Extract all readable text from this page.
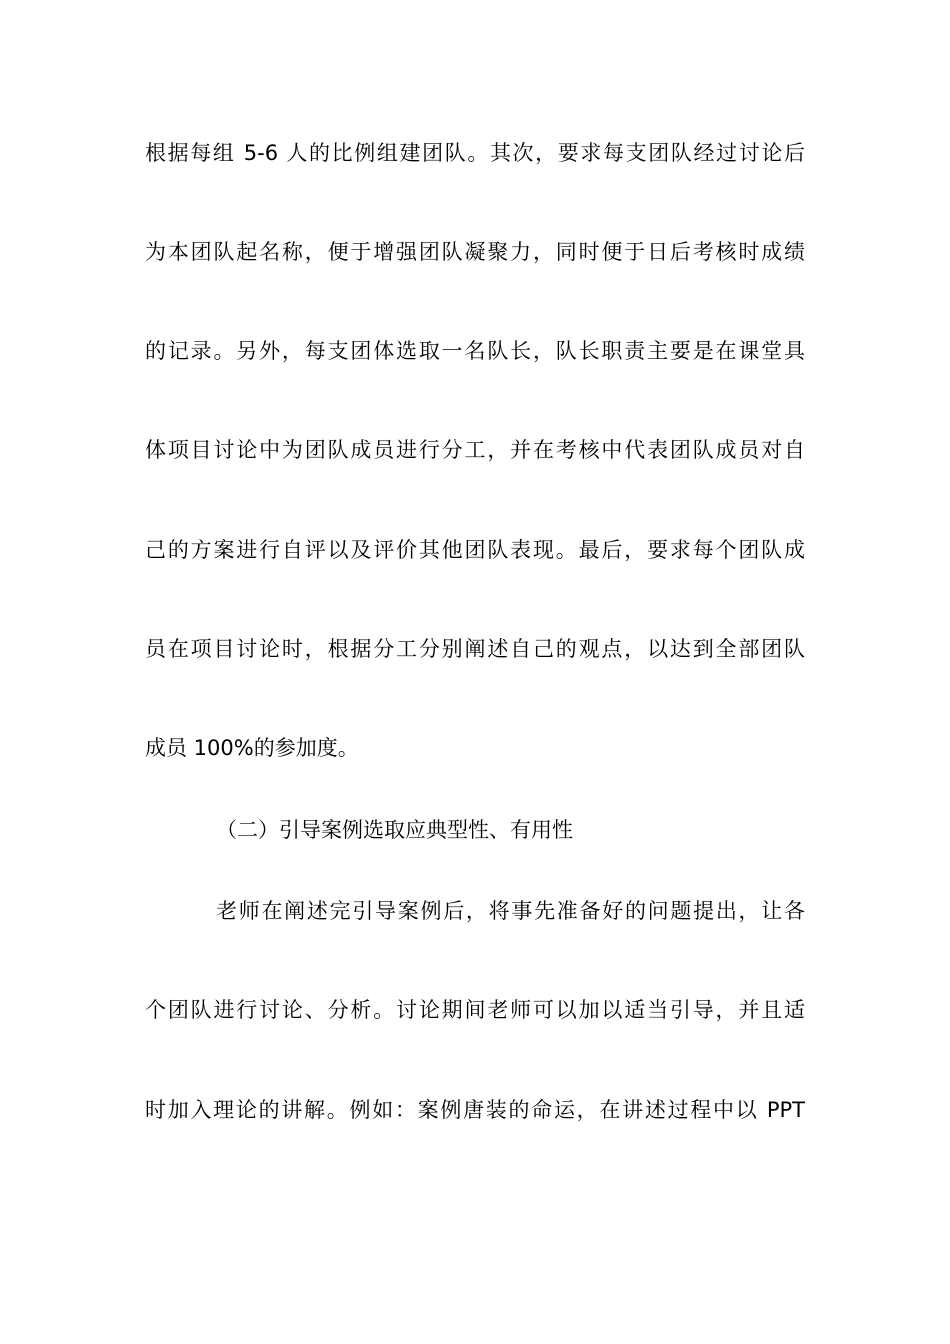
根据每组 5-6 人的比例组建团队。其次，要求每支团队经过讨论后
为本团队起名称，便于增强团队凝聚力，同时便于日后考核时成绩
的记录。另外，每支团体选取一名队长，队长职责主要是在课堂具
体项目讨论中为团队成员进行分工，并在考核中代表团队成员对自
己的方案进行自评以及评价其他团队表现。最后，要求每个团队成
员在项目讨论时，根据分工分别阐述自己的观点，以达到全部团队
成员 100%的参加度。
（二）引导案例选取应典型性、有用性
老师在阐述完引导案例后，将事先准备好的问题提出，让各
个团队进行讨论、分析。讨论期间老师可以加以适当引导，并且适
时加入理论的讲解。例如：案例唐装的命运，在讲述过程中以 PPT
